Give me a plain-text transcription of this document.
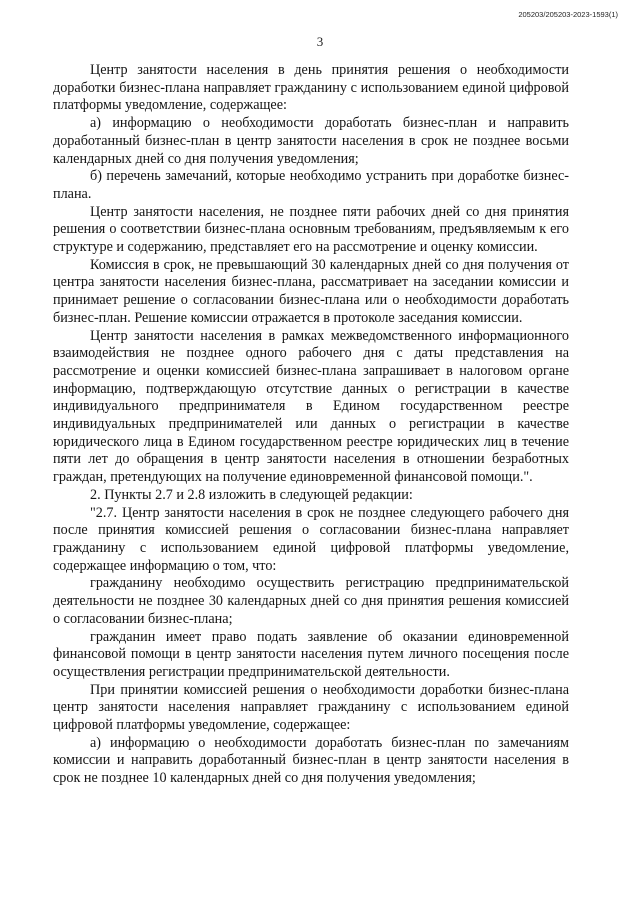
205203/205203-2023-1593(1)
3

Центр занятости населения в день принятия решения о необходимости доработки бизнес-плана направляет гражданину с использованием единой цифровой платформы уведомление, содержащее:

а) информацию о необходимости доработать бизнес-план и направить доработанный бизнес-план в центр занятости населения в срок не позднее восьми календарных дней со дня получения уведомления;

б) перечень замечаний, которые необходимо устранить при доработке бизнес-плана.

Центр занятости населения, не позднее пяти рабочих дней со дня принятия решения о соответствии бизнес-плана основным требованиям, предъявляемым к его структуре и содержанию, представляет его на рассмотрение и оценку комиссии.

Комиссия в срок, не превышающий 30 календарных дней со дня получения от центра занятости населения бизнес-плана, рассматривает на заседании комиссии и принимает решение о согласовании бизнес-плана или о необходимости доработать бизнес-план. Решение комиссии отражается в протоколе заседания комиссии.

Центр занятости населения в рамках межведомственного информационного взаимодействия не позднее одного рабочего дня с даты представления на рассмотрение и оценки комиссией бизнес-плана запрашивает в налоговом органе информацию, подтверждающую отсутствие данных о регистрации в качестве индивидуального предпринимателя в Едином государственном реестре индивидуальных предпринимателей или данных о регистрации в качестве юридического лица в Едином государственном реестре юридических лиц в течение пяти лет до обращения в центр занятости населения в отношении безработных граждан, претендующих на получение единовременной финансовой помощи.".

2. Пункты 2.7 и 2.8 изложить в следующей редакции:

"2.7. Центр занятости населения в срок не позднее следующего рабочего дня после принятия комиссией решения о согласовании бизнес-плана направляет гражданину с использованием единой цифровой платформы уведомление, содержащее информацию о том, что:

гражданину необходимо осуществить регистрацию предпринимательской деятельности не позднее 30 календарных дней со дня принятия решения комиссией о согласовании бизнес-плана;

гражданин имеет право подать заявление об оказании единовременной финансовой помощи в центр занятости населения путем личного посещения после осуществления регистрации предпринимательской деятельности.

При принятии комиссией решения о необходимости доработки бизнес-плана центр занятости населения направляет гражданину с использованием единой цифровой платформы уведомление, содержащее:

а) информацию о необходимости доработать бизнес-план по замечаниям комиссии и направить доработанный бизнес-план в центр занятости населения в срок не позднее 10 календарных дней со дня получения уведомления;
